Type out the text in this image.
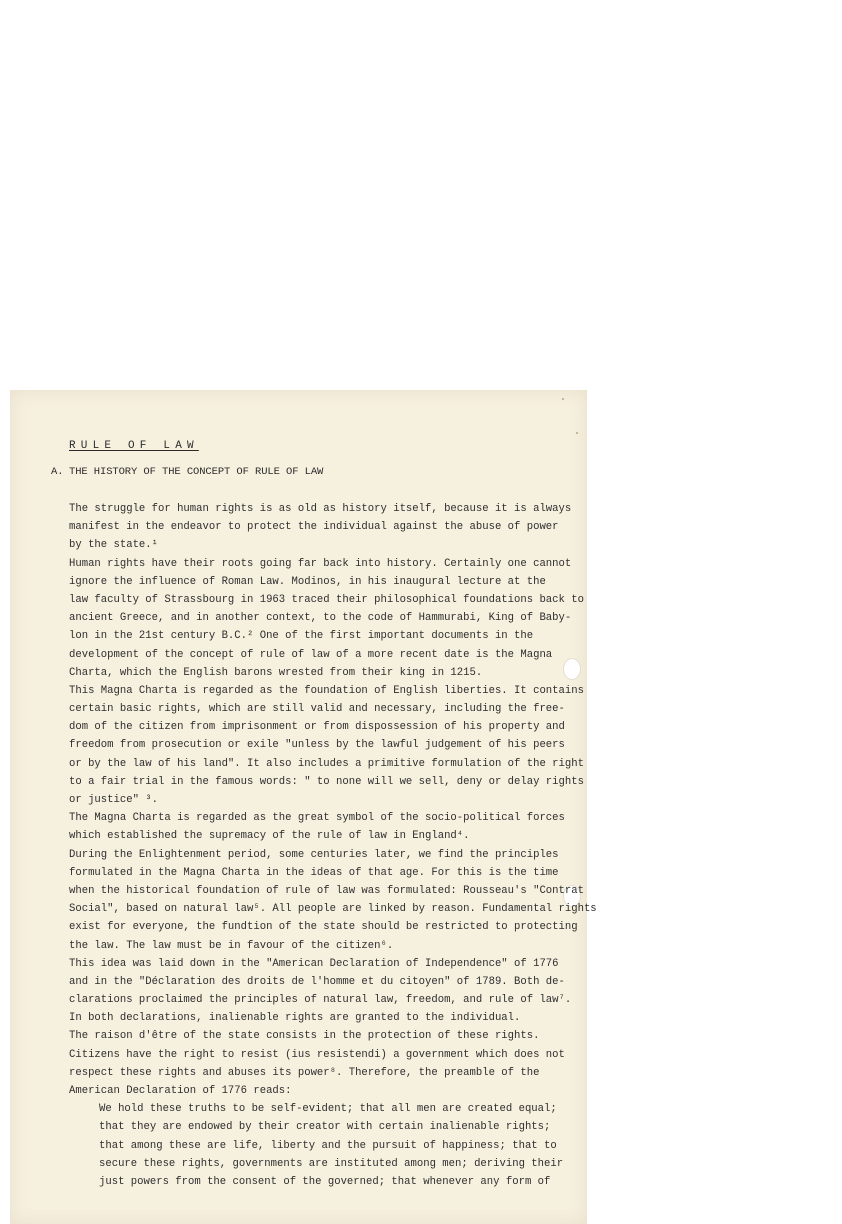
RULE OF LAW
A. THE HISTORY OF THE CONCEPT OF RULE OF LAW
The struggle for human rights is as old as history itself, because it is always
manifest in the endeavor to protect the individual against the abuse of power
by the state.¹
Human rights have their roots going far back into history. Certainly one cannot
ignore the influence of Roman Law. Modinos, in his inaugural lecture at the
law faculty of Strassbourg in 1963 traced their philosophical foundations back to
ancient Greece, and in another context, to the code of Hammurabi, King of Baby-
lon in the 21st century B.C.² One of the first important documents in the
development of the concept of rule of law of a more recent date is the Magna
Charta, which the English barons wrested from their king in 1215.
This Magna Charta is regarded as the foundation of English liberties. It contains
certain basic rights, which are still valid and necessary, including the free-
dom of the citizen from imprisonment or from dispossession of his property and
freedom from prosecution or exile "unless by the lawful judgement of his peers
or by the law of his land". It also includes a primitive formulation of the right
to a fair trial in the famous words: " to none will we sell, deny or delay rights
or justice" ³.
The Magna Charta is regarded as the great symbol of the socio-political forces
which established the supremacy of the rule of law in England⁴.
During the Enlightenment period, some centuries later, we find the principles
formulated in the Magna Charta in the ideas of that age. For this is the time
when the historical foundation of rule of law was formulated: Rousseau's "Contrat
Social", based on natural law⁵. All people are linked by reason. Fundamental rights
exist for everyone, the fundtion of the state should be restricted to protecting
the law. The law must be in favour of the citizen⁶.
This idea was laid down in the "American Declaration of Independence" of 1776
and in the "Déclaration des droits de l'homme et du citoyen" of 1789. Both de-
clarations proclaimed the principles of natural law, freedom, and rule of law⁷.
In both declarations, inalienable rights are granted to the individual.
The raison d'être of the state consists in the protection of these rights.
Citizens have the right to resist (ius resistendi) a government which does not
respect these rights and abuses its power⁸. Therefore, the preamble of the
American Declaration of 1776 reads:
We hold these truths to be self-evident; that all men are created equal;
that they are endowed by their creator with certain inalienable rights;
that among these are life, liberty and the pursuit of happiness; that to
secure these rights, governments are instituted among men; deriving their
just powers from the consent of the governed; that whenever any form of
